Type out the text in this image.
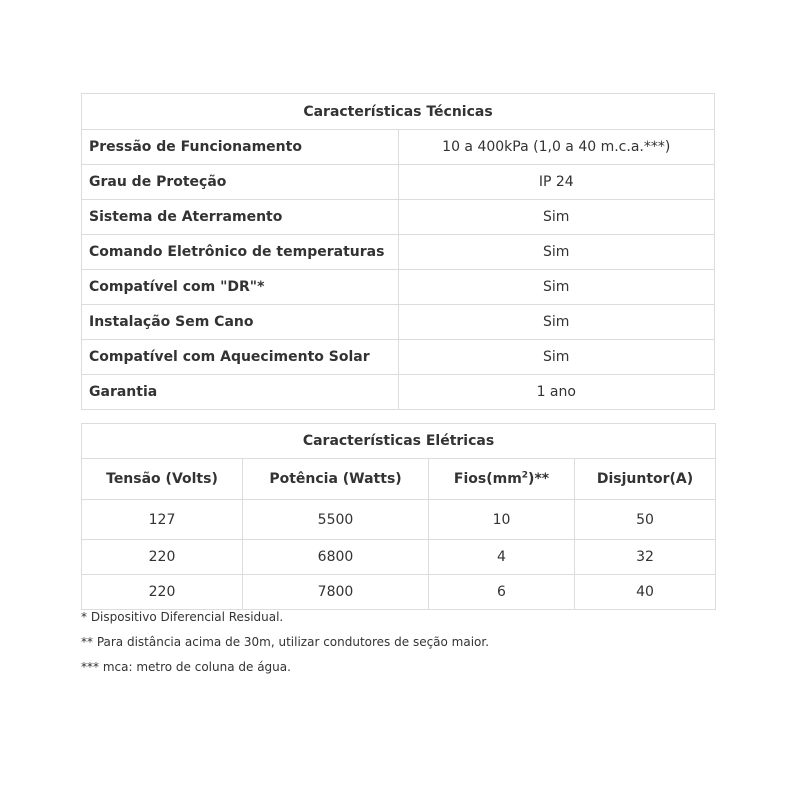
Características Técnicas	
Pressão de Funcionamento	10 a 400kPa (1,0 a 40 m.c.a.***)
Grau de Proteção	IP 24
Sistema de Aterramento	Sim
Comando Eletrônico de temperaturas	Sim
Compatível com "DR"*	Sim
Instalação Sem Cano	Sim
Compatível com Aquecimento Solar	Sim
Garantia	1 ano
Características Elétricas			
Tensão (Volts)	Potência (Watts)	$Fios(mm^2)**$	Disjuntor(A)
127	5500	10	50
220	6800	4	32
220	7800	6	40
* Dispositivo Diferencial Residual.
** Para distância acima de 30m, utilizar condutores de seção maior.
*** mca: metro de coluna de água.
